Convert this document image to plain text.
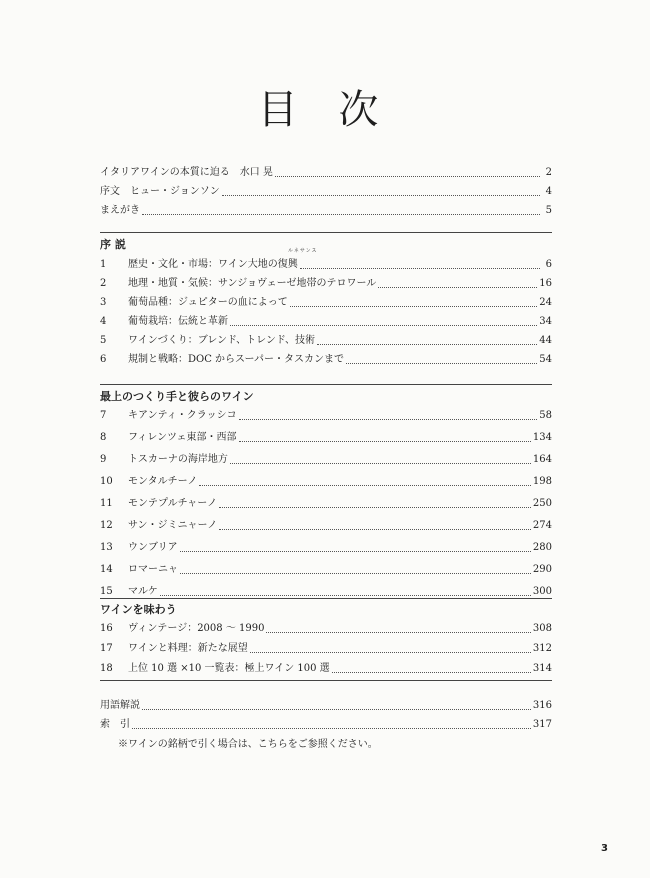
目 次
イタリアワインの本質に迫る　水口 晃	2
序文　ヒュー・ジョンソン	4
まえがき	5
序 説	ルネサンス
1	歴史・文化・市場：ワイン大地の復興	6
2	地理・地質・気候：サンジョヴェーゼ地帯のテロワール	16
3	葡萄品種：ジュピターの血によって	24
4	葡萄栽培：伝統と革新	34
5	ワインづくり：ブレンド、トレンド、技術	44
6	規制と戦略：DOC からスーパー・タスカンまで	54
最上のつくり手と彼らのワイン
7	キアンティ・クラッシコ	58
8	フィレンツェ東部・西部	134
9	トスカーナの海岸地方	164
10	モンタルチーノ	198
11	モンテプルチャーノ	250
12	サン・ジミニャーノ	274
13	ウンブリア	280
14	ロマーニャ	290
15	マルケ	300
ワインを味わう
16	ヴィンテージ：2008 〜 1990	308
17	ワインと料理：新たな展望	312
18	上位 10 選 ×10 一覧表：極上ワイン 100 選	314
用語解説	316
索　引	317
※ワインの銘柄で引く場合は、こちらをご参照ください。
3
